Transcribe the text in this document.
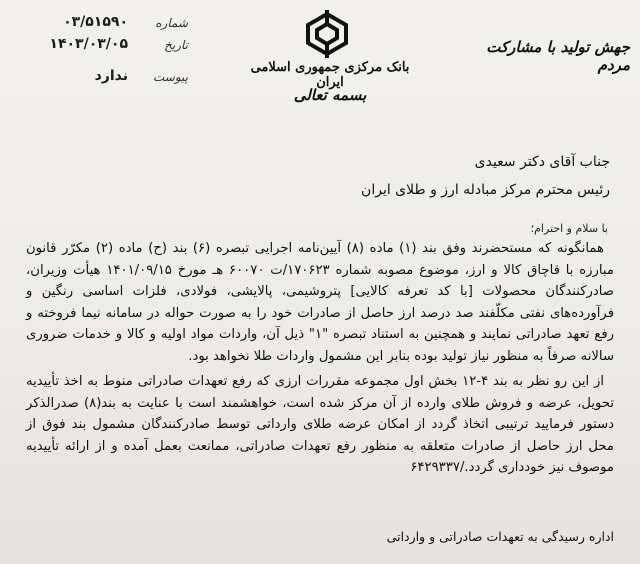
شماره
۰۳/۵۱۵۹۰
تاریخ
۱۴۰۳/۰۳/۰۵
پیوست
ندارد
بانک مرکزی جمهوری اسلامی ایران
بسمه تعالی
جهش تولید با مشارکت مردم
جناب آقای دکتر سعیدی
رئیس محترم مرکز مبادله ارز و طلای ایران
با سلام و احترام؛

همانگونه که مستحضرند وفق بند (۱) ماده (۸) آیین‌نامه اجرایی تبصره (۶) بند (ح) ماده (۲) مکرّر قانون مبارزه با قاچاق کالا و ارز، موضوع مصوبه شماره ۱۷۰۶۲۳/ت ۶۰۰۷۰ هـ مورخ ۱۴۰۱/۰۹/۱۵ هیأت وزیران، صادرکنندگان محصولات [با کد تعرفه کالایی] پتروشیمی، پالایشی، فولادی، فلزات اساسی رنگین و فرآورده‌های نفتی مکلّفند صد درصد ارز حاصل از صادرات خود را به صورت حواله در سامانه نیما فروخته و رفع تعهد صادراتی نمایند و همچنین به استناد تبصره "۱" ذیل آن، واردات مواد اولیه و کالا و خدمات ضروری سالانه صرفاً به منظور نیاز تولید بوده بنابر این مشمول واردات طلا نخواهد بود.

از این رو نظر به بند ۴-۱۲ بخش اول مجموعه مقررات ارزی که رفع تعهدات صادراتی منوط به اخذ تأییدیه تحویل، عرضه و فروش طلای وارده از آن مرکز شده است، خواهشمند است با عنایت به بند(۸) صدرالذکر دستور فرمایید ترتیبی اتخاذ گردد از امکان عرضه طلای وارداتی توسط صادرکنندگان مشمول بند فوق از محل ارز حاصل از صادرات متعلقه به منظور رفع تعهدات صادراتی، ممانعت بعمل آمده و از ارائه تأییدیه موصوف نیز خودداری گردد./۶۴۲۹۳۳۷

اداره رسیدگی به تعهدات صادراتی و وارداتی
